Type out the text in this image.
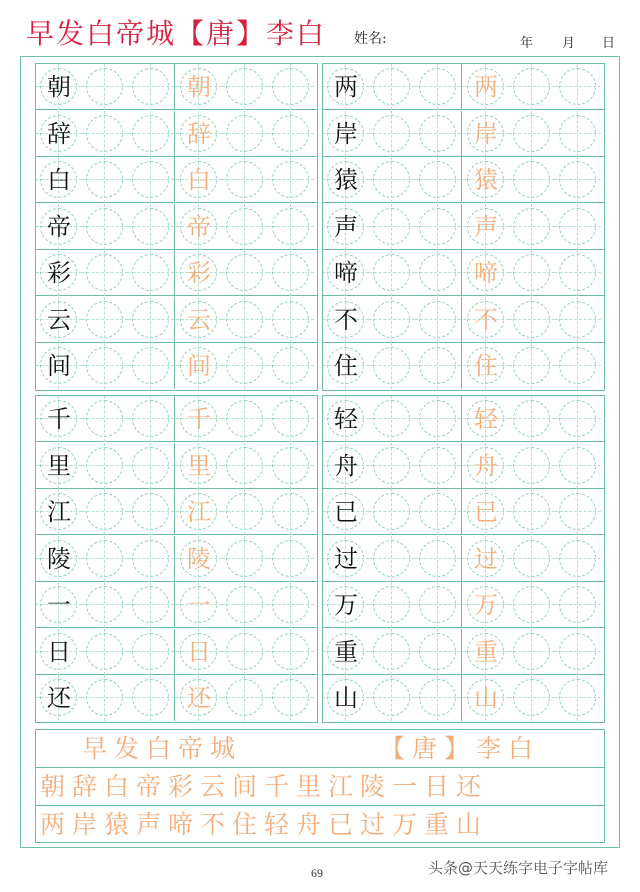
早发白帝城【唐】李白 姓名:	年 月 日
朝	朝
辞	辞
白	白
帝	帝
彩	彩
云	云
间	间
两	两
岸	岸
猿	猿
声	声
啼	啼
不	不
住	住
千	千
里	里
江	江
陵	陵
一	一
日	日
还	还
轻	轻
舟	舟
已	已
过	过
万	万
重	重
山	山
早发白帝城	【唐】李白
朝辞白帝彩云间千里江陵一日还
两岸猿声啼不住轻舟已过万重山
69	头条@天天练字电子字帖库
